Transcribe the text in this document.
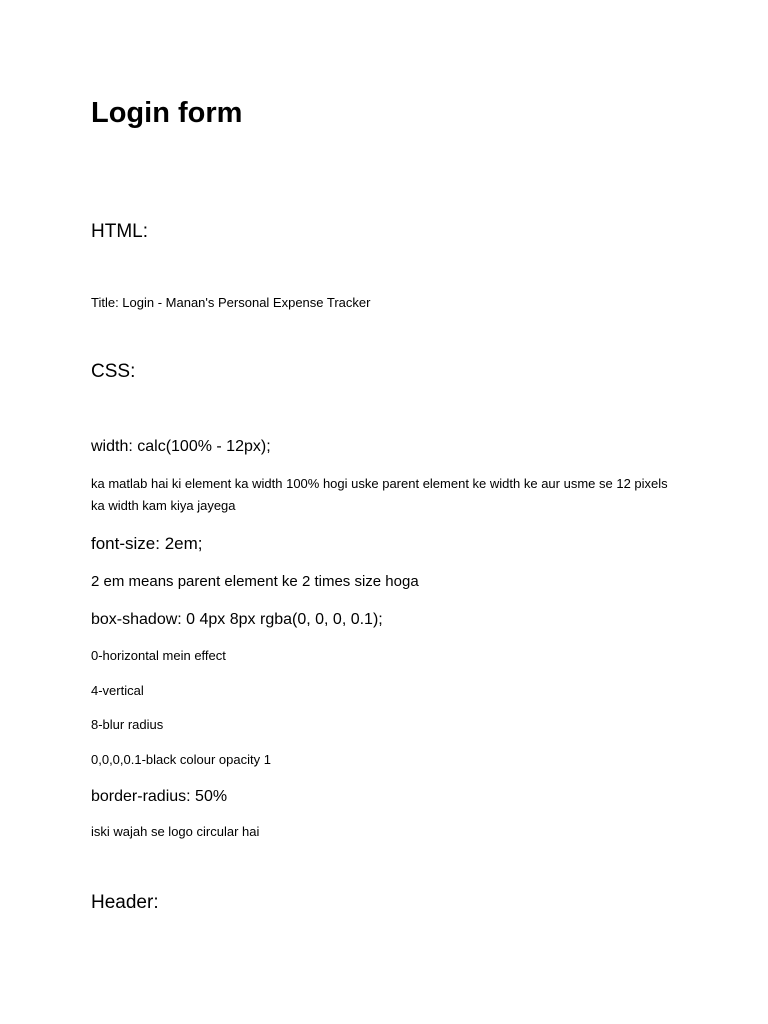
Login form
HTML:

Title: Login - Manan's Personal Expense Tracker

CSS:

width: calc(100% - 12px);

ka matlab hai ki element ka width 100% hogi uske parent element ke width ke aur usme se 12 pixels ka width kam kiya jayega

font-size: 2em;

2 em means parent element ke 2 times size hoga

box-shadow: 0 4px 8px rgba(0, 0, 0, 0.1);

0-horizontal mein effect

4-vertical

8-blur radius

0,0,0,0.1-black colour opacity 1

border-radius: 50%

iski wajah se logo circular hai

Header:
